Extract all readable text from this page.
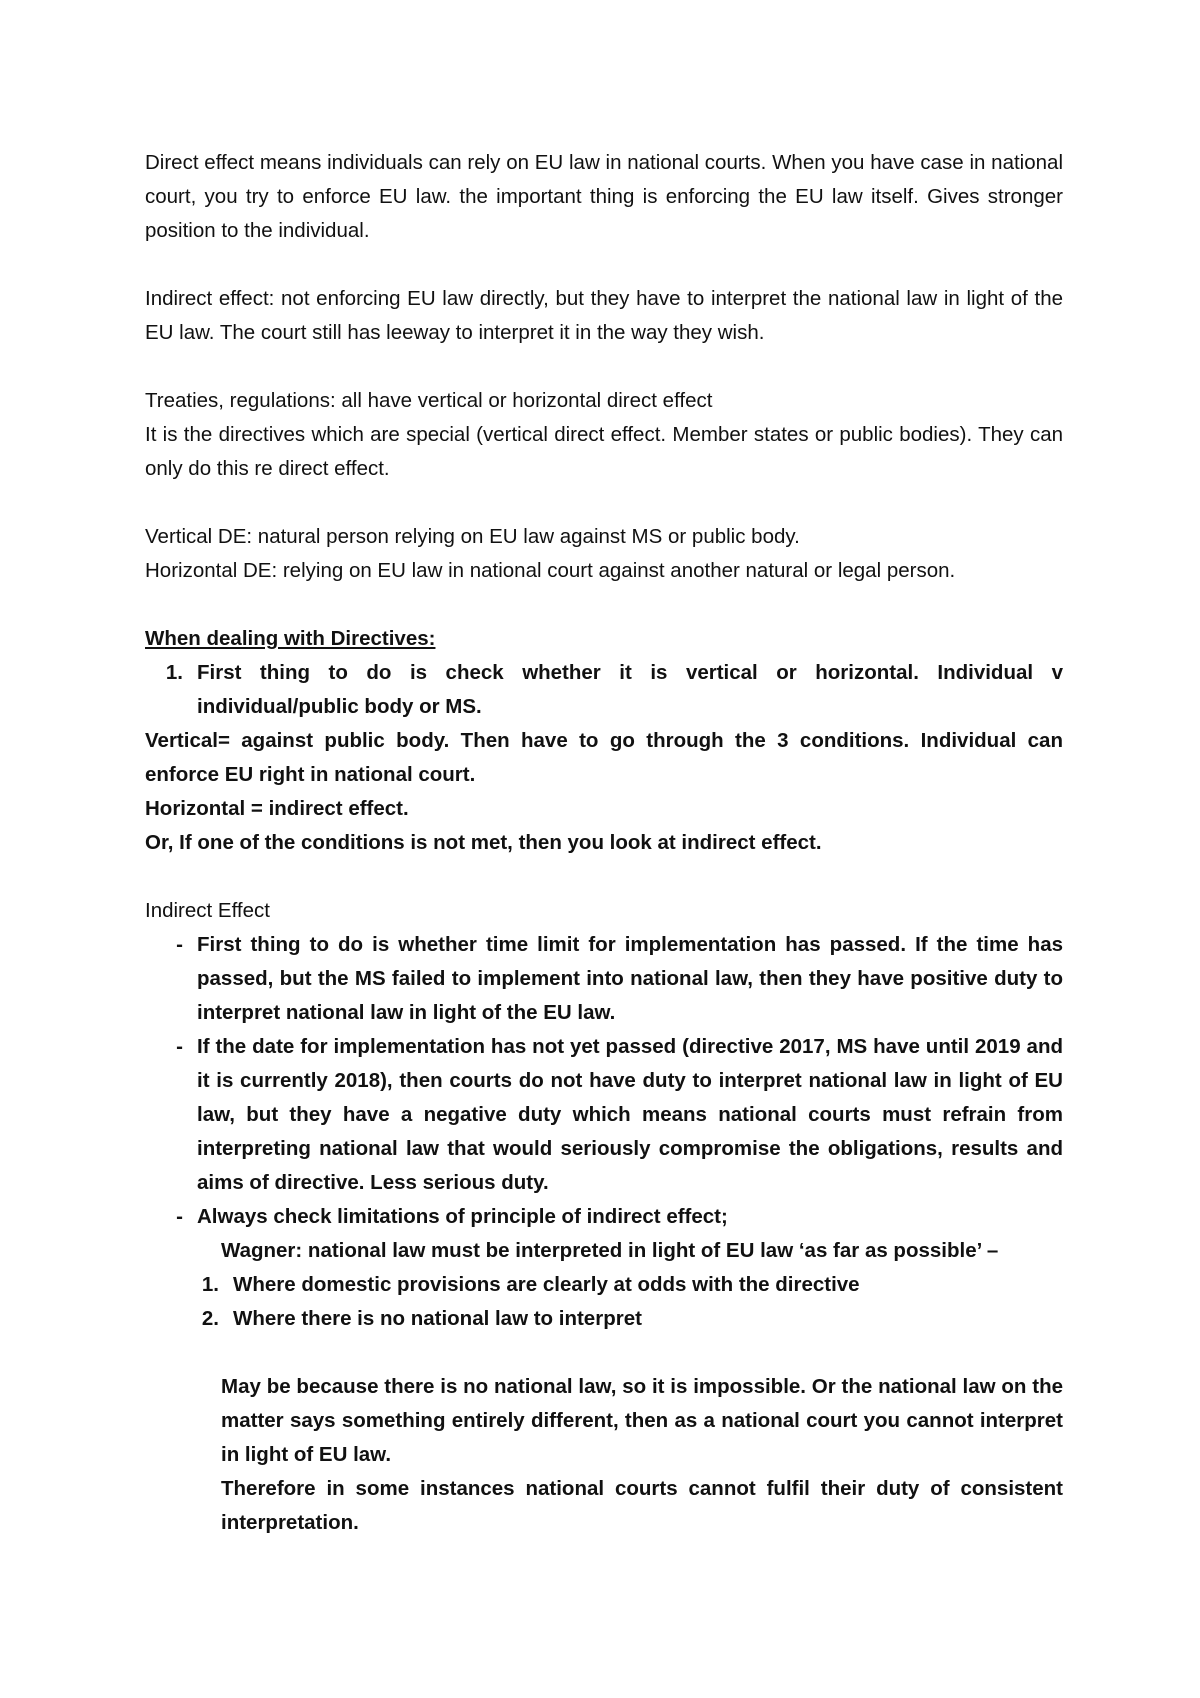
Direct effect means individuals can rely on EU law in national courts. When you have case in national court, you try to enforce EU law. the important thing is enforcing the EU law itself. Gives stronger position to the individual.

Indirect effect: not enforcing EU law directly, but they have to interpret the national law in light of the EU law. The court still has leeway to interpret it in the way they wish.

Treaties, regulations: all have vertical or horizontal direct effect

It is the directives which are special (vertical direct effect. Member states or public bodies). They can only do this re direct effect.

Vertical DE: natural person relying on EU law against MS or public body.

Horizontal DE: relying on EU law in national court against another natural or legal person.

When dealing with Directives:

1. First thing to do is check whether it is vertical or horizontal. Individual v individual/public body or MS.

Vertical= against public body. Then have to go through the 3 conditions. Individual can enforce EU right in national court.

Horizontal = indirect effect.

Or, If one of the conditions is not met, then you look at indirect effect.

Indirect Effect

- First thing to do is whether time limit for implementation has passed. If the time has passed, but the MS failed to implement into national law, then they have positive duty to interpret national law in light of the EU law.
- If the date for implementation has not yet passed (directive 2017, MS have until 2019 and it is currently 2018), then courts do not have duty to interpret national law in light of EU law, but they have a negative duty which means national courts must refrain from interpreting national law that would seriously compromise the obligations, results and aims of directive. Less serious duty.
- Always check limitations of principle of indirect effect;

Wagner: national law must be interpreted in light of EU law ‘as far as possible’ –

1. Where domestic provisions are clearly at odds with the directive
2. Where there is no national law to interpret

May be because there is no national law, so it is impossible. Or the national law on the matter says something entirely different, then as a national court you cannot interpret in light of EU law.

Therefore in some instances national courts cannot fulfil their duty of consistent interpretation.
